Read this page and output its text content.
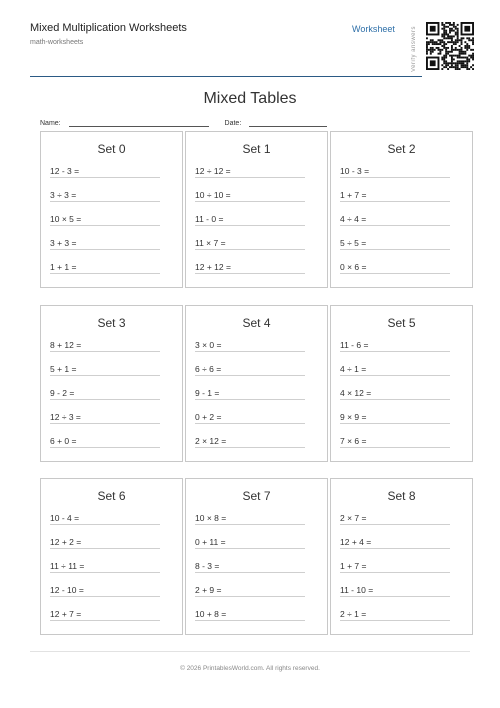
Mixed Multiplication Worksheets
math-worksheets
Worksheet	Verify answers
Mixed Tables
Name:	Date:
Set 0
12 - 3 =
3 ÷ 3 =
10 × 5 =
3 + 3 =
1 + 1 =
Set 1
12 ÷ 12 =
10 ÷ 10 =
11 - 0 =
11 × 7 =
12 + 12 =
Set 2
10 - 3 =
1 + 7 =
4 ÷ 4 =
5 ÷ 5 =
0 × 6 =
Set 3
8 + 12 =
5 + 1 =
9 - 2 =
12 ÷ 3 =
6 + 0 =
Set 4
3 × 0 =
6 ÷ 6 =
9 - 1 =
0 + 2 =
2 × 12 =
Set 5
11 - 6 =
4 ÷ 1 =
4 × 12 =
9 × 9 =
7 × 6 =
Set 6
10 - 4 =
12 + 2 =
11 ÷ 11 =
12 - 10 =
12 + 7 =
Set 7
10 × 8 =
0 + 11 =
8 - 3 =
2 + 9 =
10 + 8 =
Set 8
2 × 7 =
12 + 4 =
1 + 7 =
11 - 10 =
2 ÷ 1 =
© 2026 PrintablesWorld.com. All rights reserved.
